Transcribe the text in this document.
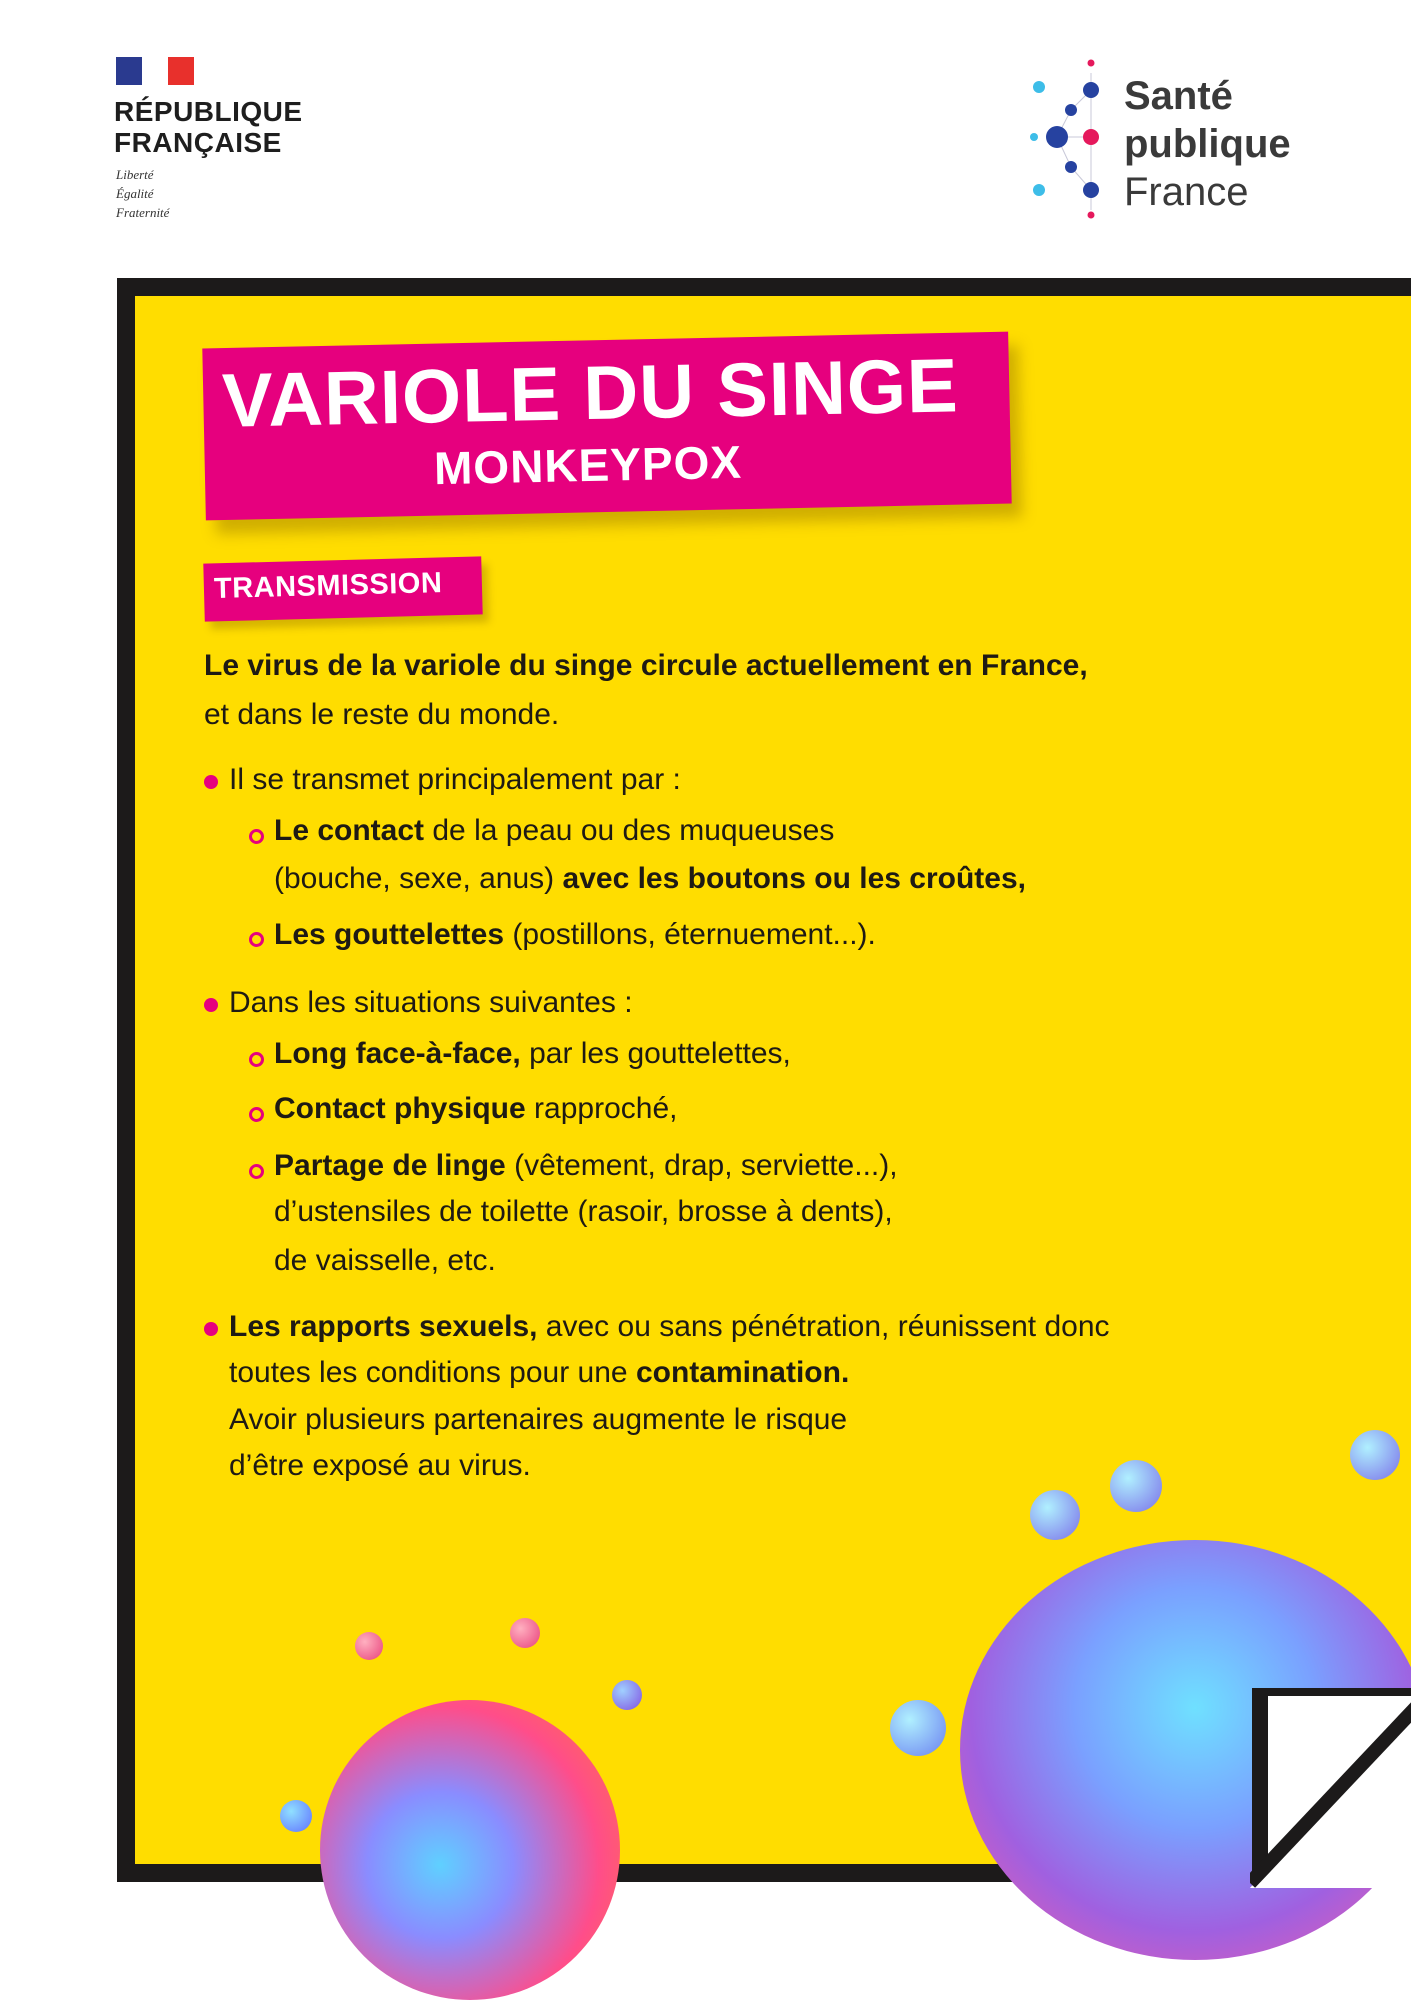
RÉPUBLIQUE
FRANÇAISE
Liberté
Égalité
Fraternité
Santé
publique
France
VARIOLE DU SINGE
MONKEYPOX
TRANSMISSION
Le virus de la variole du singe circule actuellement en France,
et dans le reste du monde.
Il se transmet principalement par :
Le contact de la peau ou des muqueuses
(bouche, sexe, anus) avec les boutons ou les croûtes,
Les gouttelettes (postillons, éternuement...).
Dans les situations suivantes :
Long face-à-face, par les gouttelettes,
Contact physique rapproché,
Partage de linge (vêtement, drap, serviette...),
d’ustensiles de toilette (rasoir, brosse à dents),
de vaisselle, etc.
Les rapports sexuels, avec ou sans pénétration, réunissent donc
toutes les conditions pour une contamination.
Avoir plusieurs partenaires augmente le risque
d’être exposé au virus.
